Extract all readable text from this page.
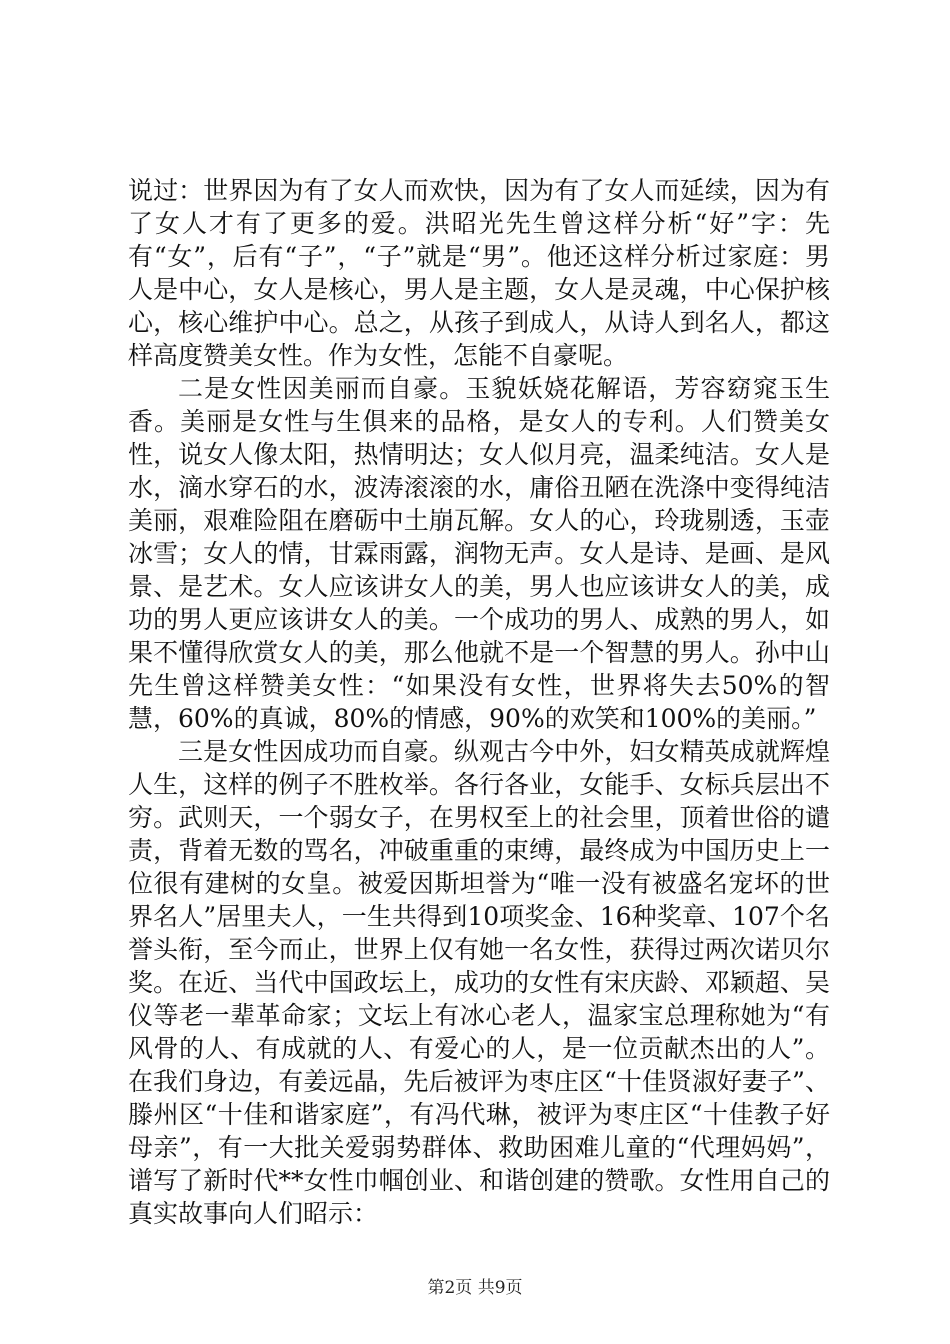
说过：世界因为有了女人而欢快，因为有了女人而延续，因为有了女人才有了更多的爱。洪昭光先生曾这样分析“好”字：先有“女”，后有“子”，“子”就是“男”。他还这样分析过家庭：男人是中心，女人是核心，男人是主题，女人是灵魂，中心保护核心，核心维护中心。总之，从孩子到成人，从诗人到名人，都这样高度赞美女性。作为女性，怎能不自豪呢。

二是女性因美丽而自豪。玉貌妖娆花解语，芳容窈窕玉生香。美丽是女性与生俱来的品格，是女人的专利。人们赞美女性，说女人像太阳，热情明达；女人似月亮，温柔纯洁。女人是水，滴水穿石的水，波涛滚滚的水，庸俗丑陋在洗涤中变得纯洁美丽，艰难险阻在磨砺中土崩瓦解。女人的心，玲珑剔透，玉壶冰雪；女人的情，甘霖雨露，润物无声。女人是诗、是画、是风景、是艺术。女人应该讲女人的美，男人也应该讲女人的美，成功的男人更应该讲女人的美。一个成功的男人、成熟的男人，如果不懂得欣赏女人的美，那么他就不是一个智慧的男人。孙中山先生曾这样赞美女性：“如果没有女性，世界将失去50%的智慧，60%的真诚，80%的情感，90%的欢笑和100%的美丽。”

三是女性因成功而自豪。纵观古今中外，妇女精英成就辉煌人生，这样的例子不胜枚举。各行各业，女能手、女标兵层出不穷。武则天，一个弱女子，在男权至上的社会里，顶着世俗的谴责，背着无数的骂名，冲破重重的束缚，最终成为中国历史上一位很有建树的女皇。被爱因斯坦誉为“唯一没有被盛名宠坏的世界名人”居里夫人，一生共得到10项奖金、16种奖章、107个名誉头衔，至今而止，世界上仅有她一名女性，获得过两次诺贝尔奖。在近、当代中国政坛上，成功的女性有宋庆龄、邓颖超、吴仪等老一辈革命家；文坛上有冰心老人，温家宝总理称她为“有风骨的人、有成就的人、有爱心的人，是一位贡献杰出的人”。在我们身边，有姜远晶，先后被评为枣庄区“十佳贤淑好妻子”、滕州区“十佳和谐家庭”，有冯代琳，被评为枣庄区“十佳教子好母亲”，有一大批关爱弱势群体、救助困难儿童的“代理妈妈”，谱写了新时代**女性巾帼创业、和谐创建的赞歌。女性用自己的真实故事向人们昭示：

第2页 共9页
